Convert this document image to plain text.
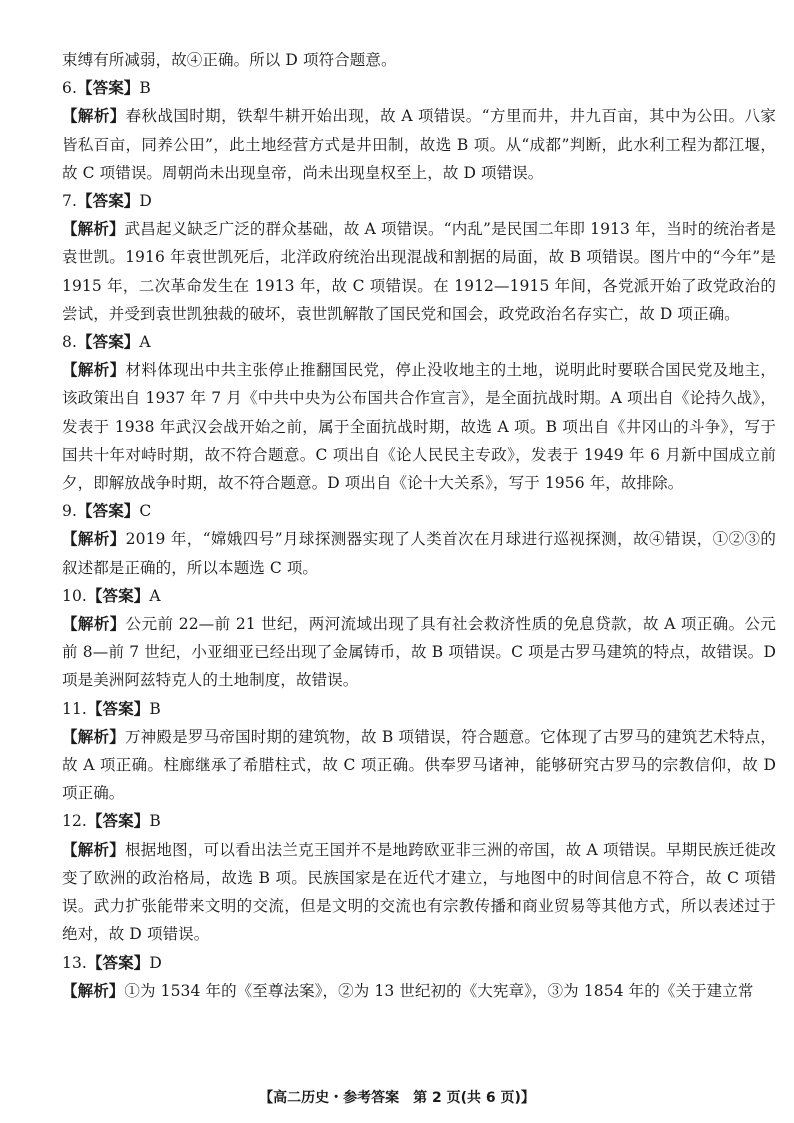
束缚有所减弱，故④正确。所以 D 项符合题意。

6.【答案】B

【解析】春秋战国时期，铁犁牛耕开始出现，故 A 项错误。“方里而井，井九百亩，其中为公田。八家皆私百亩，同养公田”，此土地经营方式是井田制，故选 B 项。从“成都”判断，此水利工程为都江堰，故 C 项错误。周朝尚未出现皇帝，尚未出现皇权至上，故 D 项错误。

7.【答案】D

【解析】武昌起义缺乏广泛的群众基础，故 A 项错误。“内乱”是民国二年即 1913 年，当时的统治者是袁世凯。1916 年袁世凯死后，北洋政府统治出现混战和割据的局面，故 B 项错误。图片中的“今年”是 1915 年，二次革命发生在 1913 年，故 C 项错误。在 1912—1915 年间，各党派开始了政党政治的尝试，并受到袁世凯独裁的破坏，袁世凯解散了国民党和国会，政党政治名存实亡，故 D 项正确。

8.【答案】A

【解析】材料体现出中共主张停止推翻国民党，停止没收地主的土地，说明此时要联合国民党及地主，该政策出自 1937 年 7 月《中共中央为公布国共合作宣言》，是全面抗战时期。A 项出自《论持久战》，发表于 1938 年武汉会战开始之前，属于全面抗战时期，故选 A 项。B 项出自《井冈山的斗争》，写于国共十年对峙时期，故不符合题意。C 项出自《论人民民主专政》，发表于 1949 年 6 月新中国成立前夕，即解放战争时期，故不符合题意。D 项出自《论十大关系》，写于 1956 年，故排除。

9.【答案】C

【解析】2019 年，“嫦娥四号”月球探测器实现了人类首次在月球进行巡视探测，故④错误，①②③的叙述都是正确的，所以本题选 C 项。

10.【答案】A

【解析】公元前 22—前 21 世纪，两河流域出现了具有社会救济性质的免息贷款，故 A 项正确。公元前 8—前 7 世纪，小亚细亚已经出现了金属铸币，故 B 项错误。C 项是古罗马建筑的特点，故错误。D 项是美洲阿兹特克人的土地制度，故错误。

11.【答案】B

【解析】万神殿是罗马帝国时期的建筑物，故 B 项错误，符合题意。它体现了古罗马的建筑艺术特点，故 A 项正确。柱廊继承了希腊柱式，故 C 项正确。供奉罗马诸神，能够研究古罗马的宗教信仰，故 D 项正确。

12.【答案】B

【解析】根据地图，可以看出法兰克王国并不是地跨欧亚非三洲的帝国，故 A 项错误。早期民族迁徙改变了欧洲的政治格局，故选 B 项。民族国家是在近代才建立，与地图中的时间信息不符合，故 C 项错误。武力扩张能带来文明的交流，但是文明的交流也有宗教传播和商业贸易等其他方式，所以表述过于绝对，故 D 项错误。

13.【答案】D

【解析】①为 1534 年的《至尊法案》，②为 13 世纪初的《大宪章》，③为 1854 年的《关于建立常

【高二历史・参考答案　第 2 页(共 6 页)】
